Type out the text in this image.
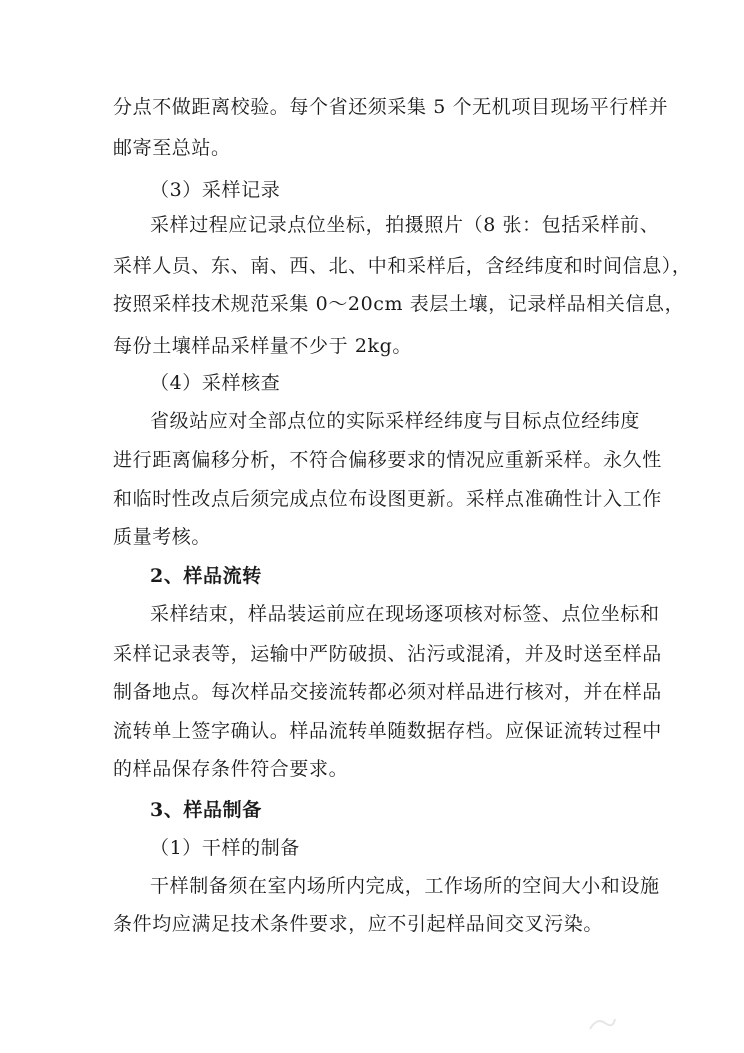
分点不做距离校验。每个省还须采集 5 个无机项目现场平行样并
邮寄至总站。
（3）采样记录
采样过程应记录点位坐标，拍摄照片（8 张：包括采样前、
采样人员、东、南、西、北、中和采样后，含经纬度和时间信息），
按照采样技术规范采集 0～20cm 表层土壤，记录样品相关信息，
每份土壤样品采样量不少于 2kg。
（4）采样核查
省级站应对全部点位的实际采样经纬度与目标点位经纬度
进行距离偏移分析，不符合偏移要求的情况应重新采样。永久性
和临时性改点后须完成点位布设图更新。采样点准确性计入工作
质量考核。
2、样品流转
采样结束，样品装运前应在现场逐项核对标签、点位坐标和
采样记录表等，运输中严防破损、沾污或混淆，并及时送至样品
制备地点。每次样品交接流转都必须对样品进行核对，并在样品
流转单上签字确认。样品流转单随数据存档。应保证流转过程中
的样品保存条件符合要求。
3、样品制备
（1）干样的制备
干样制备须在室内场所内完成，工作场所的空间大小和设施
条件均应满足技术条件要求，应不引起样品间交叉污染。
